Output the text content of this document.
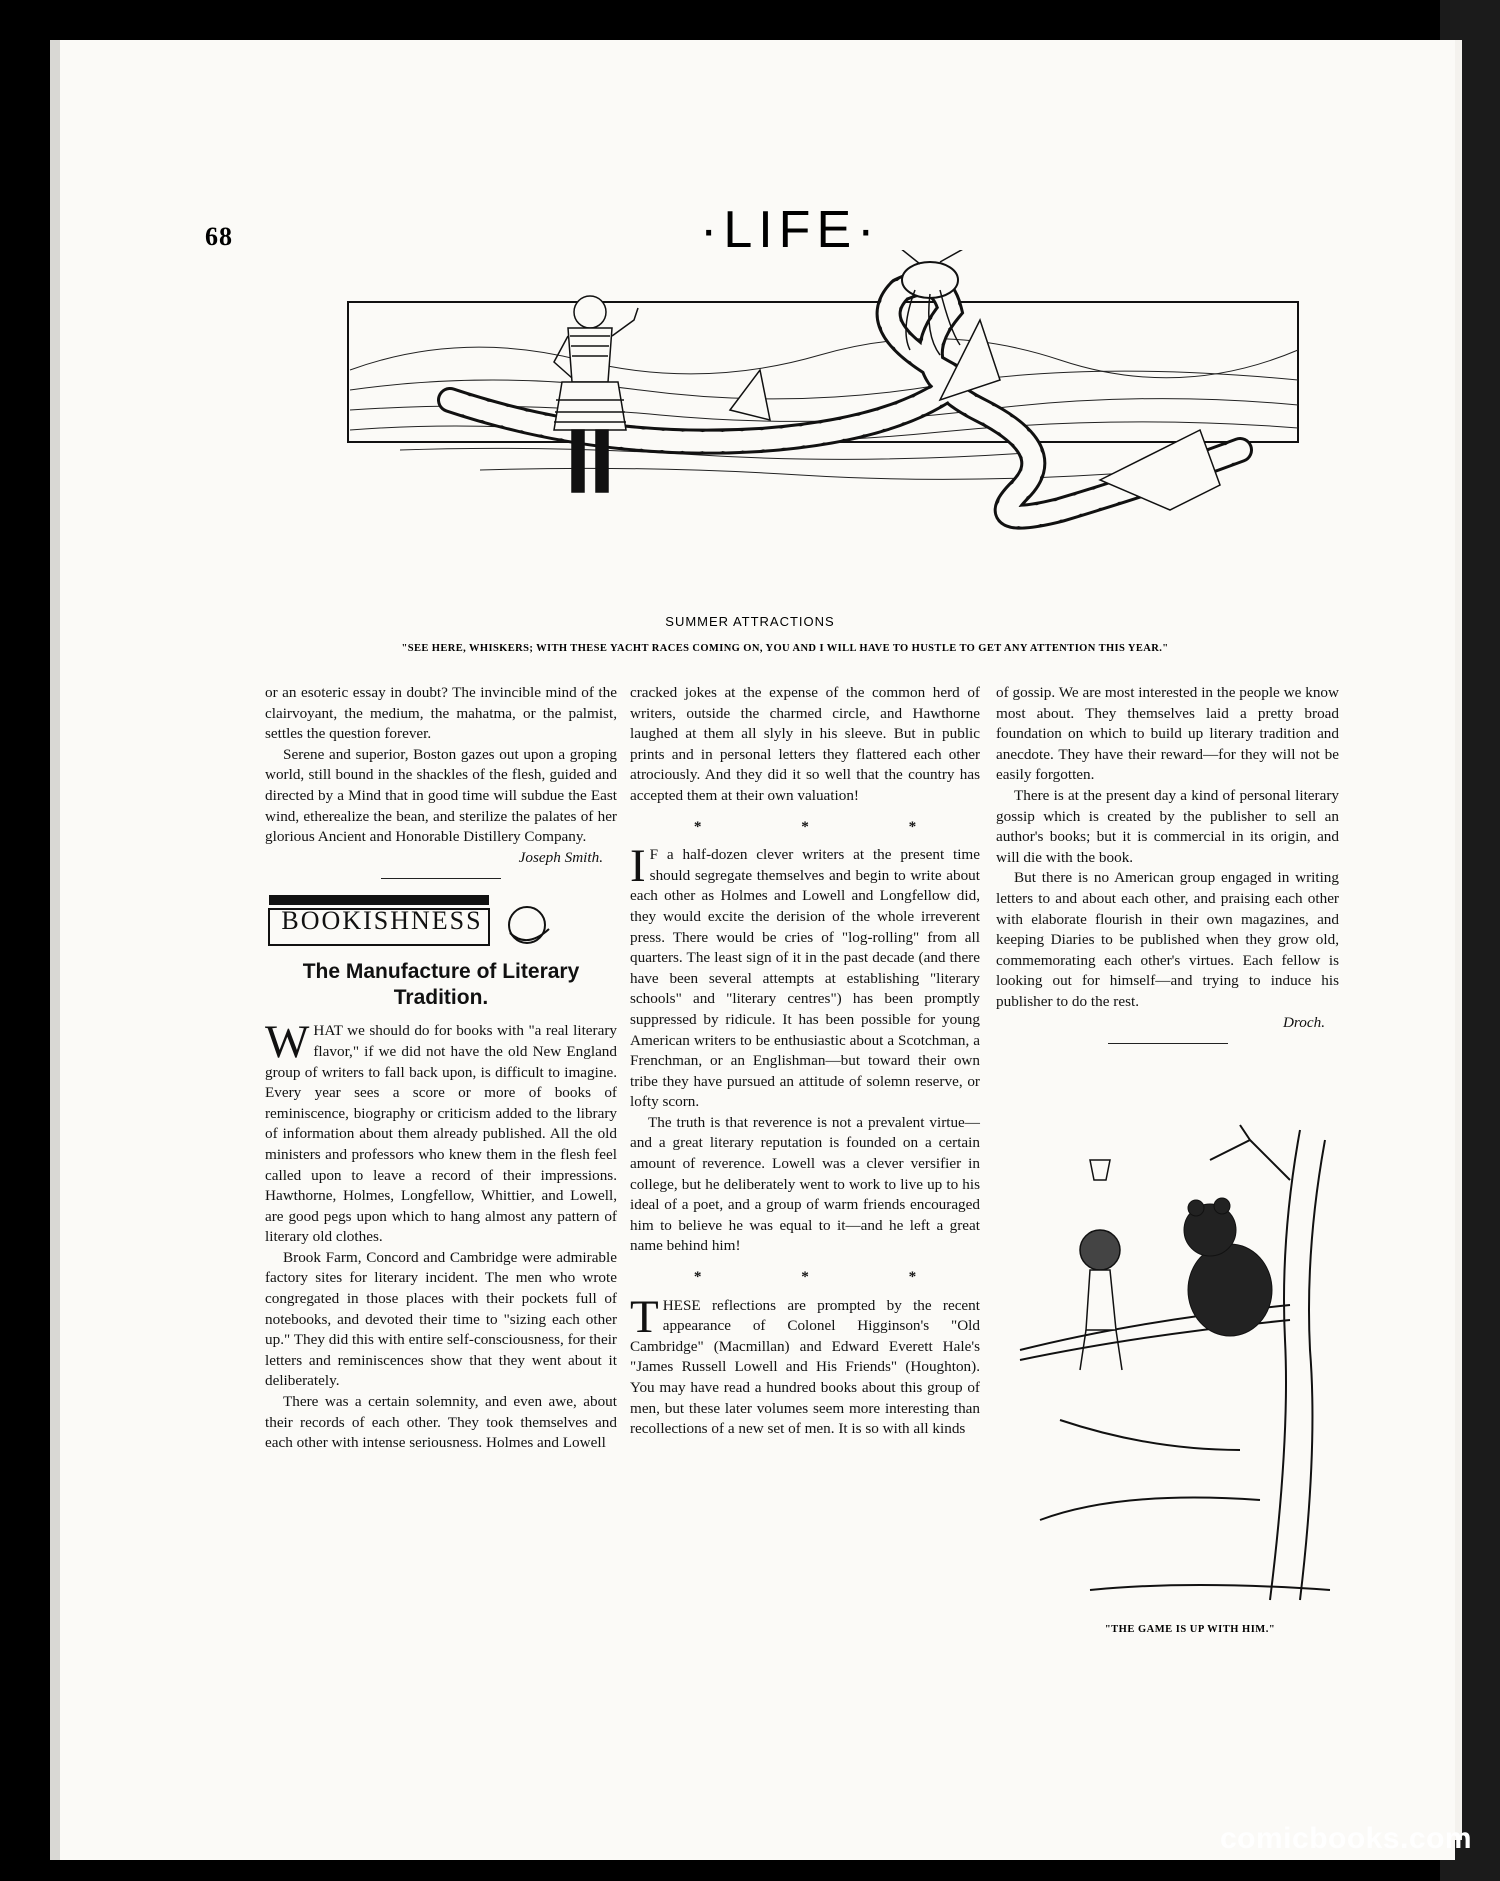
68	·LIFE·
SUMMER ATTRACTIONS
"SEE HERE, WHISKERS; WITH THESE YACHT RACES COMING ON, YOU AND I WILL HAVE TO HUSTLE TO GET ANY ATTENTION THIS YEAR."

or an esoteric essay in doubt? The invincible mind of the clairvoyant, the medium, the mahatma, or the palmist, settles the question forever.

Serene and superior, Boston gazes out upon a groping world, still bound in the shackles of the flesh, guided and directed by a Mind that in good time will subdue the East wind, etherealize the bean, and sterilize the palates of her glorious Ancient and Honorable Distillery Company.

Joseph Smith.
BOOKISHNESS
The Manufacture of Literary Tradition.

WHAT we should do for books with "a real literary flavor," if we did not have the old New England group of writers to fall back upon, is difficult to imagine. Every year sees a score or more of books of reminiscence, biography or criticism added to the library of information about them already published. All the old ministers and professors who knew them in the flesh feel called upon to leave a record of their impressions. Hawthorne, Holmes, Longfellow, Whittier, and Lowell, are good pegs upon which to hang almost any pattern of literary old clothes.

Brook Farm, Concord and Cambridge were admirable factory sites for literary incident. The men who wrote congregated in those places with their pockets full of notebooks, and devoted their time to "sizing each other up." They did this with entire self-consciousness, for their letters and reminiscences show that they went about it deliberately.

There was a certain solemnity, and even awe, about their records of each other. They took themselves and each other with intense seriousness. Holmes and Lowell

cracked jokes at the expense of the common herd of writers, outside the charmed circle, and Hawthorne laughed at them all slyly in his sleeve. But in public prints and in personal letters they flattered each other atrociously. And they did it so well that the country has accepted them at their own valuation!

* * *

I F a half-dozen clever writers at the present time should segregate themselves and begin to write about each other as Holmes and Lowell and Longfellow did, they would excite the derision of the whole irreverent press. There would be cries of "log-rolling" from all quarters. The least sign of it in the past decade (and there have been several attempts at establishing "literary schools" and "literary centres") has been promptly suppressed by ridicule. It has been possible for young American writers to be enthusiastic about a Scotchman, a Frenchman, or an Englishman—but toward their own tribe they have pursued an attitude of solemn reserve, or lofty scorn.

The truth is that reverence is not a prevalent virtue—and a great literary reputation is founded on a certain amount of reverence. Lowell was a clever versifier in college, but he deliberately went to work to live up to his ideal of a poet, and a group of warm friends encouraged him to believe he was equal to it—and he left a great name behind him!

* * *

THESE reflections are prompted by the recent appearance of Colonel Higginson's "Old Cambridge" (Macmillan) and Edward Everett Hale's "James Russell Lowell and His Friends" (Houghton). You may have read a hundred books about this group of men, but these later volumes seem more interesting than recollections of a new set of men. It is so with all kinds

of gossip. We are most interested in the people we know most about. They themselves laid a pretty broad foundation on which to build up literary tradition and anecdote. They have their reward—for they will not be easily forgotten.

There is at the present day a kind of personal literary gossip which is created by the publisher to sell an author's books; but it is commercial in its origin, and will die with the book.

But there is no American group engaged in writing letters to and about each other, and praising each other with elaborate flourish in their own magazines, and keeping Diaries to be published when they grow old, commemorating each other's virtues. Each fellow is looking out for himself—and trying to induce his publisher to do the rest.

Droch.
"THE GAME IS UP WITH HIM."
comicbooks.com
